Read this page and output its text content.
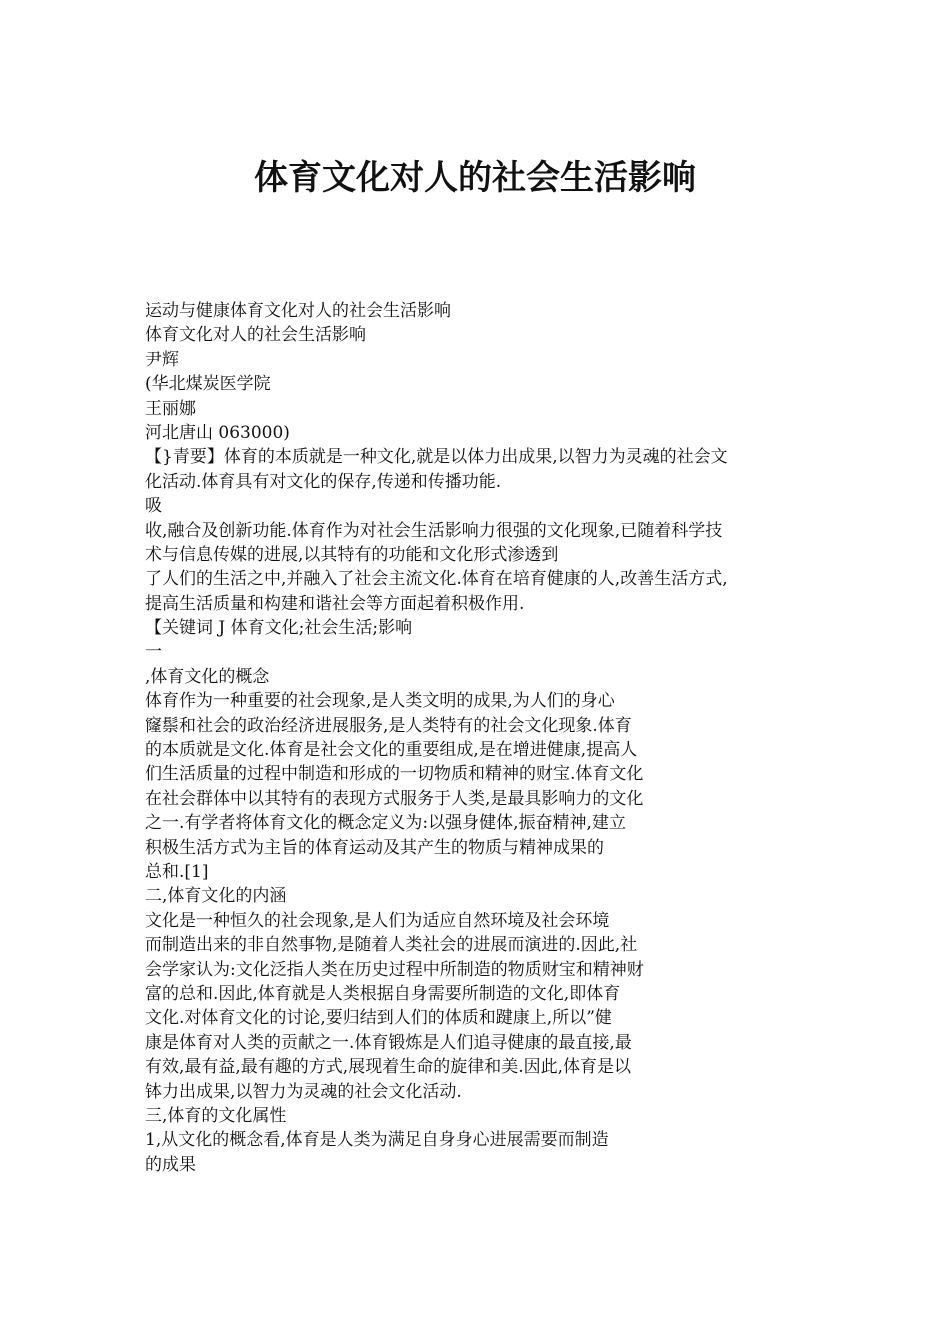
体育文化对人的社会生活影响

运动与健康体育文化对人的社会生活影响

体育文化对人的社会生活影响

尹辉

(华北煤炭医学院

王丽娜

河北唐山 063000)

【}青要】体育的本质就是一种文化,就是以体力出成果,以智力为灵魂的社会文

化活动.体育具有对文化的保存,传递和传播功能.

吸

收,融合及创新功能.体育作为对社会生活影响力很强的文化现象,已随着科学技

术与信息传媒的进展,以其特有的功能和文化形式渗透到

了人们的生活之中,并融入了社会主流文化.体育在培育健康的人,改善生活方式,

提高生活质量和构建和谐社会等方面起着积极作用.

【关键词 J 体育文化;社会生活;影响

一

,体育文化的概念

体育作为一种重要的社会现象,是人类文明的成果,为人们的身心

窿鬃和社会的政治经济进展服务,是人类特有的社会文化现象.体育

的本质就是文化.体育是社会文化的重要组成,是在增进健康,提高人

们生活质量的过程中制造和形成的一切物质和精神的财宝.体育文化

在社会群体中以其特有的表现方式服务于人类,是最具影响力的文化

之一.有学者将体育文化的概念定义为:以强身健体,振奋精神,建立

积极生活方式为主旨的体育运动及其产生的物质与精神成果的

总和.[1]

二,体育文化的内涵

文化是一种恒久的社会现象,是人们为适应自然环境及社会环境

而制造出来的非自然事物,是随着人类社会的进展而演进的.因此,社

会学家认为:文化泛指人类在历史过程中所制造的物质财宝和精神财

富的总和.因此,体育就是人类根据自身需要所制造的文化,即体育

文化.对体育文化的讨论,要归结到人们的体质和踺康上,所以”健

康是体育对人类的贡献之一.体育锻炼是人们追寻健康的最直接,最

有效,最有益,最有趣的方式,展现着生命的旋律和美.因此,体育是以

钵力出成果,以智力为灵魂的社会文化活动.

三,体育的文化属性

1,从文化的概念看,体育是人类为满足自身身心进展需要而制造

的成果
